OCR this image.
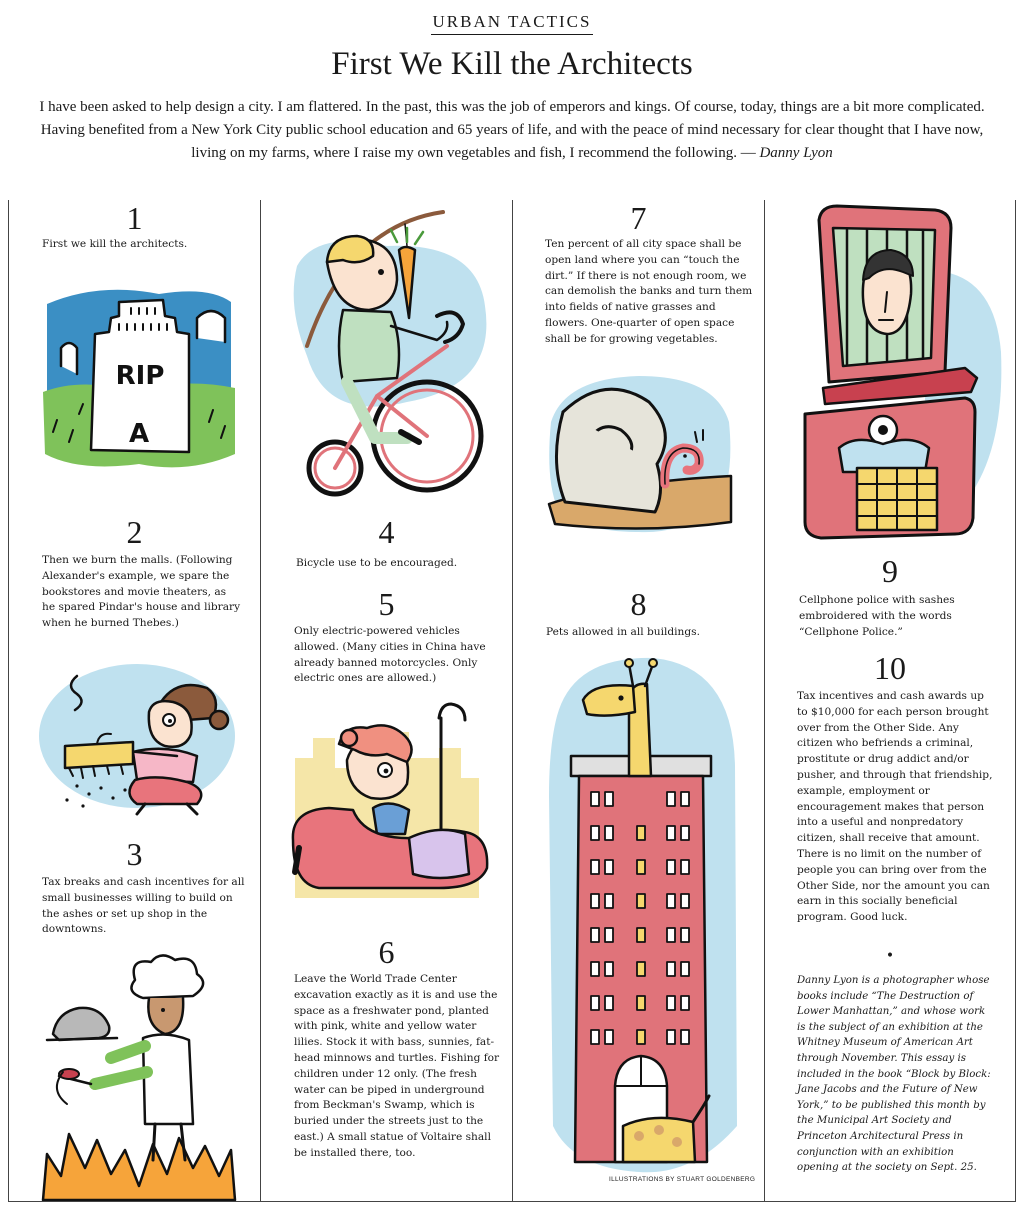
URBAN TACTICS
First We Kill the Architects

I have been asked to help design a city. I am flattered. In the past, this was the job of emperors and kings. Of course, today, things are a bit more complicated. Having benefited from a New York City public school education and 65 years of life, and with the peace of mind necessary for clear thought that I have now, living on my farms, where I raise my own vegetables and fish, I recommend the following. — Danny Lyon

1
First we kill the architects.
RIP
A
2
Then we burn the malls. (Following Alexander's example, we spare the bookstores and movie theaters, as he spared Pindar's house and library when he burned Thebes.)
3
Tax breaks and cash incentives for all small businesses willing to build on the ashes or set up shop in the downtowns.
4
Bicycle use to be encouraged.
5
Only electric-powered vehicles allowed. (Many cities in China have already banned motorcycles. Only electric ones are allowed.)
6
Leave the World Trade Center excavation exactly as it is and use the space as a freshwater pond, planted with pink, white and yellow water lilies. Stock it with bass, sunnies, fat-head minnows and turtles. Fishing for children under 12 only. (The fresh water can be piped in underground from Beckman's Swamp, which is buried under the streets just to the east.) A small statue of Voltaire shall be installed there, too.
7
Ten percent of all city space shall be open land where you can “touch the dirt.” If there is not enough room, we can demolish the banks and turn them into fields of native grasses and flowers. One-quarter of open space shall be for growing vegetables.
8
Pets allowed in all buildings.
ILLUSTRATIONS BY STUART GOLDENBERG
9
Cellphone police with sashes embroidered with the words “Cellphone Police.”
10
Tax incentives and cash awards up to $10,000 for each person brought over from the Other Side. Any citizen who befriends a criminal, prostitute or drug addict and/or pusher, and through that friendship, example, employment or encouragement makes that person into a useful and nonpredatory citizen, shall receive that amount. There is no limit on the number of people you can bring over from the Other Side, nor the amount you can earn in this socially beneficial program. Good luck.
•
Danny Lyon is a photographer whose books include “The Destruction of Lower Manhattan,” and whose work is the subject of an exhibition at the Whitney Museum of American Art through November. This essay is included in the book “Block by Block: Jane Jacobs and the Future of New York,” to be published this month by the Municipal Art Society and Princeton Architectural Press in conjunction with an exhibition opening at the society on Sept. 25.
